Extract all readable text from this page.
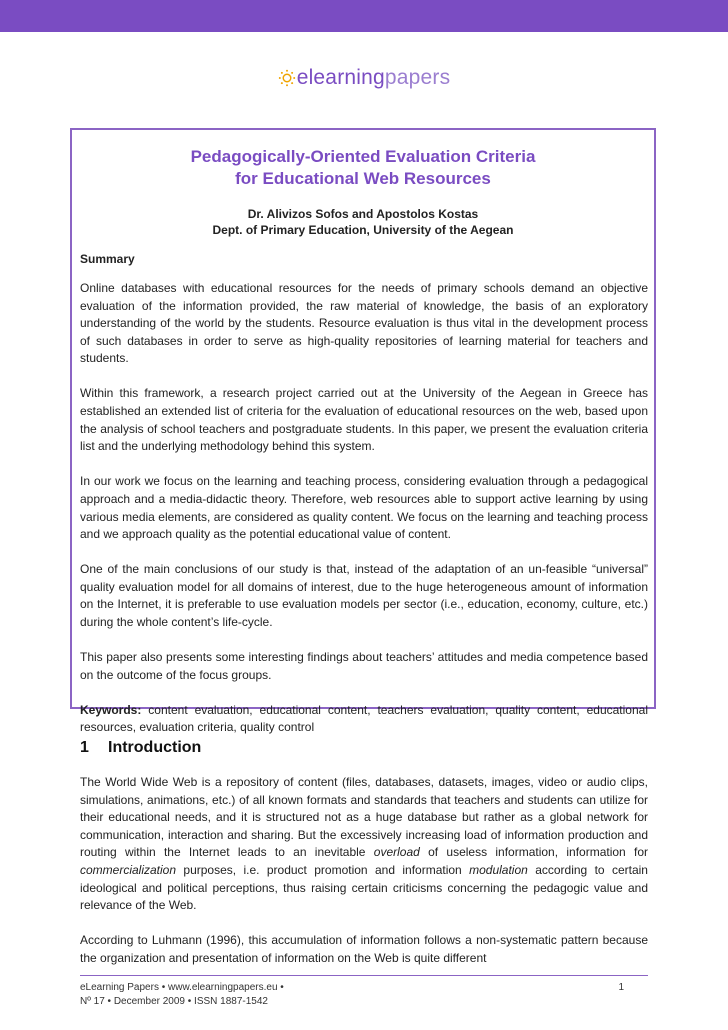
elearningpapers
Pedagogically-Oriented Evaluation Criteria
for Educational Web Resources
Dr. Alivizos Sofos and Apostolos Kostas
Dept. of Primary Education, University of the Aegean
Summary

Online databases with educational resources for the needs of primary schools demand an objective evaluation of the information provided, the raw material of knowledge, the basis of an exploratory understanding of the world by the students. Resource evaluation is thus vital in the development process of such databases in order to serve as high-quality repositories of learning material for teachers and students.

Within this framework, a research project carried out at the University of the Aegean in Greece has established an extended list of criteria for the evaluation of educational resources on the web, based upon the analysis of school teachers and postgraduate students. In this paper, we present the evaluation criteria list and the underlying methodology behind this system.

In our work we focus on the learning and teaching process, considering evaluation through a pedagogical approach and a media-didactic theory. Therefore, web resources able to support active learning by using various media elements, are considered as quality content. We focus on the learning and teaching process and we approach quality as the potential educational value of content.

One of the main conclusions of our study is that, instead of the adaptation of an un-feasible “universal” quality evaluation model for all domains of interest, due to the huge heterogeneous amount of information on the Internet, it is preferable to use evaluation models per sector (i.e., education, economy, culture, etc.) during the whole content’s life-cycle.

This paper also presents some interesting findings about teachers’ attitudes and media competence based on the outcome of the focus groups.

Keywords: content evaluation, educational content, teachers evaluation, quality content, educational resources, evaluation criteria, quality control

1 Introduction

The World Wide Web is a repository of content (files, databases, datasets, images, video or audio clips, simulations, animations, etc.) of all known formats and standards that teachers and students can utilize for their educational needs, and it is structured not as a huge database but rather as a global network for communication, interaction and sharing. But the excessively increasing load of information production and routing within the Internet leads to an inevitable overload of useless information, information for commercialization purposes, i.e. product promotion and information modulation according to certain ideological and political perceptions, thus raising certain criticisms concerning the pedagogic value and relevance of the Web.

According to Luhmann (1996), this accumulation of information follows a non-systematic pattern because the organization and presentation of information on the Web is quite different

eLearning Papers • www.elearningpapers.eu •
Nº 17 • December 2009 • ISSN 1887-1542
1
